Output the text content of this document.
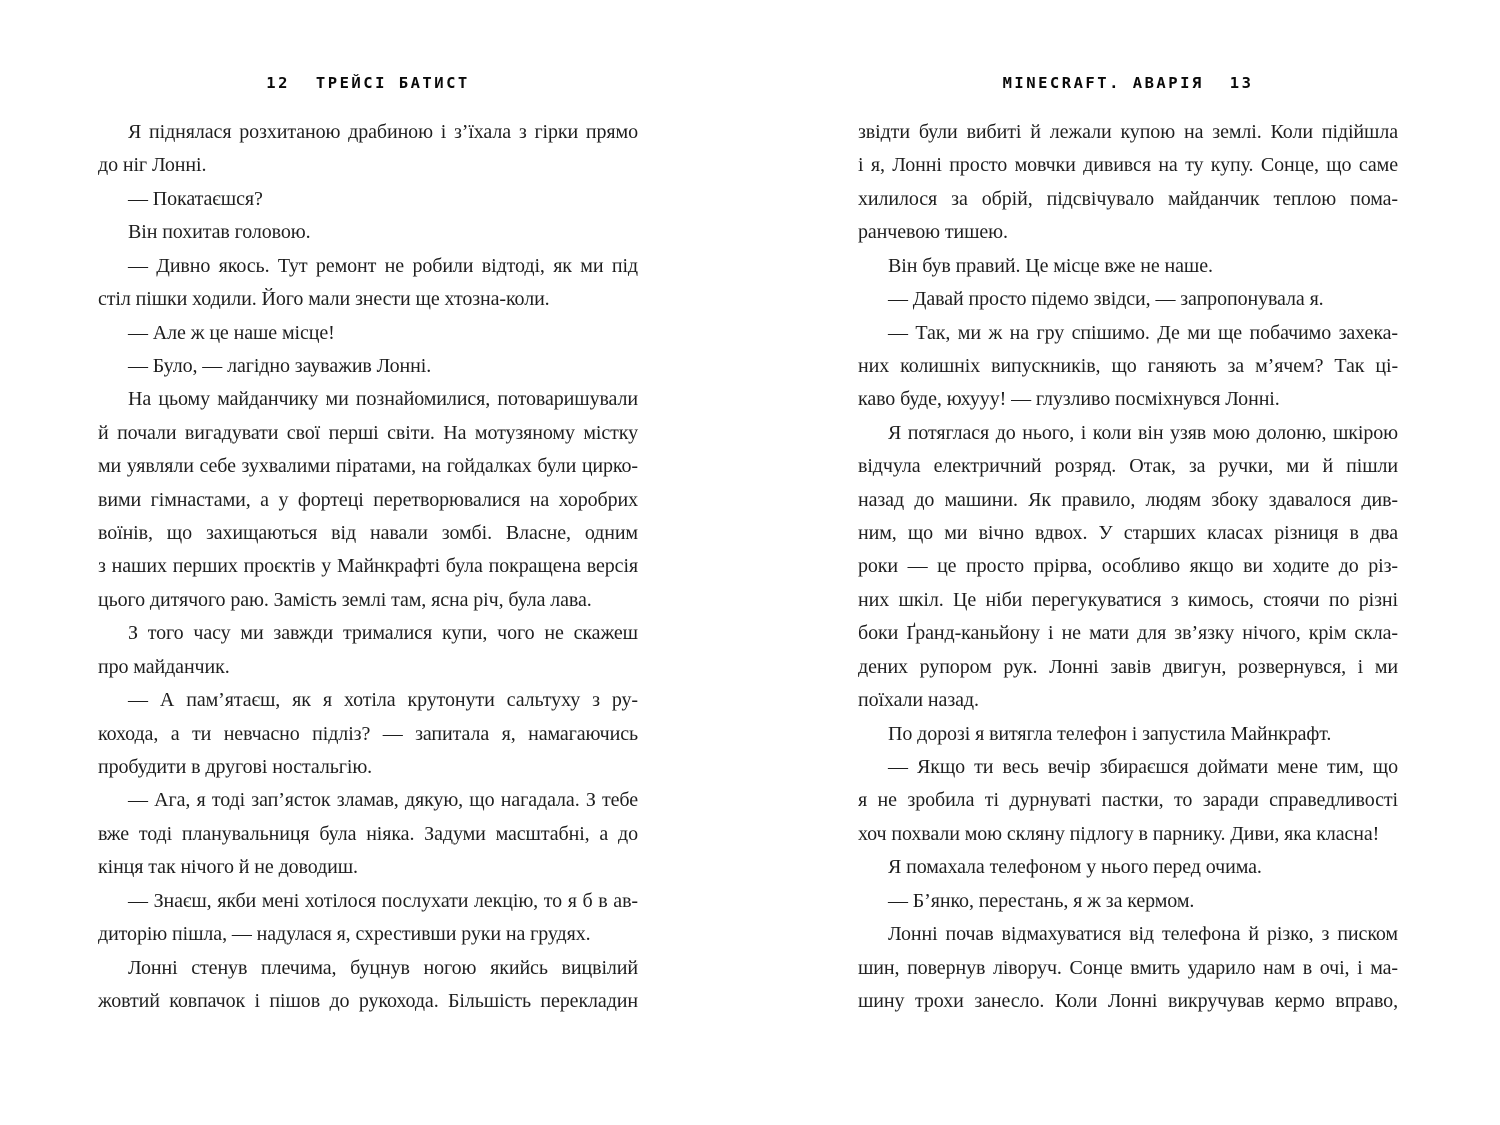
12 ТРЕЙСІ БАТИСТ
Я піднялася розхитаною драбиною і з’їхала з гірки прямо
до ніг Лонні.
— Покатаєшся?
Він похитав головою.
— Дивно якось. Тут ремонт не робили відтоді, як ми під
стіл пішки ходили. Його мали знести ще хтозна-коли.
— Але ж це наше місце!
— Було, — лагідно зауважив Лонні.
На цьому майданчику ми познайомилися, потоваришували
й почали вигадувати свої перші світи. На мотузяному містку
ми уявляли себе зухвалими піратами, на гойдалках були цирко-
вими гімнастами, а у фортеці перетворювалися на хоробрих
воїнів, що захищаються від навали зомбі. Власне, одним
з наших перших проєктів у Майнкрафті була покращена версія
цього дитячого раю. Замість землі там, ясна річ, була лава.
З того часу ми завжди трималися купи, чого не скажеш
про майданчик.
— А пам’ятаєш, як я хотіла крутонути сальтуху з ру-
кохода, а ти невчасно підліз? — запитала я, намагаючись
пробудити в другові ностальгію.
— Ага, я тоді зап’ясток зламав, дякую, що нагадала. З тебе
вже тоді планувальниця була ніяка. Задуми масштабні, а до
кінця так нічого й не доводиш.
— Знаєш, якби мені хотілося послухати лекцію, то я б в ав-
диторію пішла, — надулася я, схрестивши руки на грудях.
Лонні стенув плечима, буцнув ногою якийсь вицвілий
жовтий ковпачок і пішов до рукохода. Більшість перекладин
MINECRAFT. АВАРІЯ 13
звідти були вибиті й лежали купою на землі. Коли підійшла
і я, Лонні просто мовчки дивився на ту купу. Сонце, що саме
хилилося за обрій, підсвічувало майданчик теплою пома-
ранчевою тишею.
Він був правий. Це місце вже не наше.
— Давай просто підемо звідси, — запропонувала я.
— Так, ми ж на гру спішимо. Де ми ще побачимо захека-
них колишніх випускників, що ганяють за м’ячем? Так ці-
каво буде, юхууу! — глузливо посміхнувся Лонні.
Я потяглася до нього, і коли він узяв мою долоню, шкірою
відчула електричний розряд. Отак, за ручки, ми й пішли
назад до машини. Як правило, людям збоку здавалося див-
ним, що ми вічно вдвох. У старших класах різниця в два
роки — це просто прірва, особливо якщо ви ходите до різ-
них шкіл. Це ніби перегукуватися з кимось, стоячи по різні
боки Ґранд-каньйону і не мати для зв’язку нічого, крім скла-
дених рупором рук. Лонні завів двигун, розвернувся, і ми
поїхали назад.
По дорозі я витягла телефон і запустила Майнкрафт.
— Якщо ти весь вечір збираєшся доймати мене тим, що
я не зробила ті дурнуваті пастки, то заради справедливості
хоч похвали мою скляну підлогу в парнику. Диви, яка класна!
Я помахала телефоном у нього перед очима.
— Б’янко, перестань, я ж за кермом.
Лонні почав відмахуватися від телефона й різко, з писком
шин, повернув ліворуч. Сонце вмить ударило нам в очі, і ма-
шину трохи занесло. Коли Лонні викручував кермо вправо,
